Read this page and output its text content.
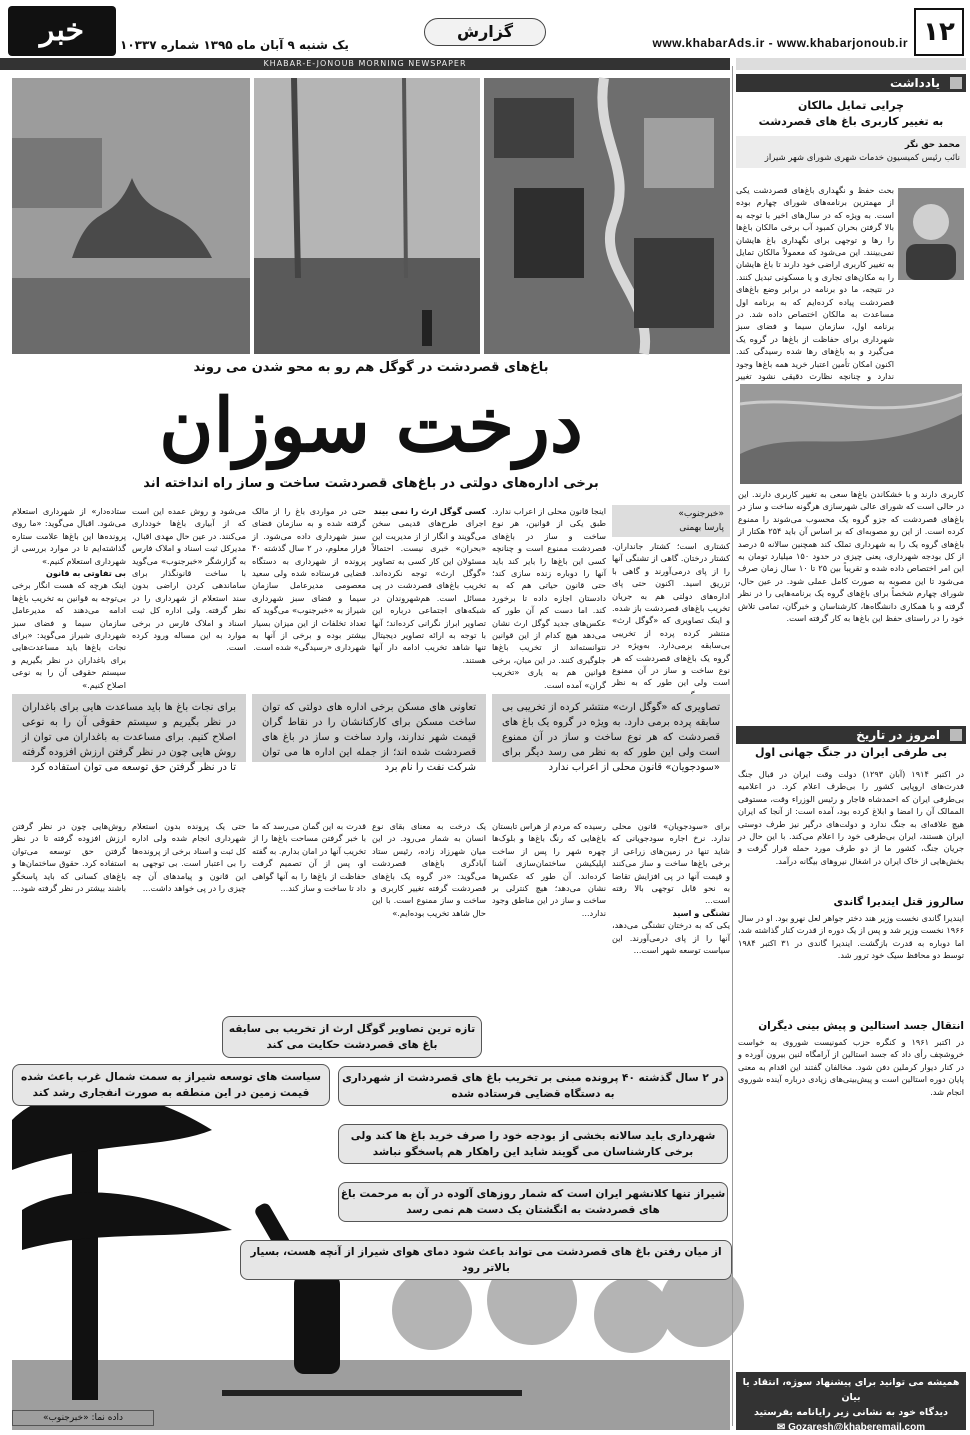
۱۲
www.khabarAds.ir - www.khabarjonoub.ir
گزارش
یک شنبه ۹ آبان ماه ۱۳۹۵ شماره ۱۰۳۳۷
خبر
KHABAR-E-JONOUB MORNING NEWSPAPER
باغ‌های قصردشت در گوگل هم رو به محو شدن می روند
درخت سوزان
برخی اداره‌های دولتی در باغ‌های قصردشت ساخت و ساز راه انداخته اند
«خبرجنوب»
پارسا بهمنی
کشتاری است؛ کشتار جانداران. کشتار درختان. گاهی از تشنگی آنها را از پای درمی‌آورند و گاهی با تزریق اسید. اکنون حتی پای اداره‌های دولتی هم به جریان تخریب باغ‌های قصردشت باز شده. و اینک تصاویری که «گوگل ارث» منتشر کرده پرده از تخریبی بی‌سابقه برمی‌دارد. به‌ویژه در گروه یک باغ‌های قصردشت که هر نوع ساخت و ساز در آن ممنوع است ولی این طور که به نظر
اینجا قانون محلی از اعراب ندارد. طبق یکی از قوانین، هر نوع ساخت و ساز در باغ‌های قصردشت ممنوع است و چنانچه کسی این باغ‌ها را بایر کند باید آنها را دوباره زنده سازی کند؛ حتی قانون حیاتی هم که به دادستان اجازه داده تا برخورد کند. اما دست کم آن طور که عکس‌های جدید گوگل ارث نشان می‌دهد هیچ کدام از این قوانین نتوانسته‌اند از تخریب باغ‌ها جلوگیری کنند. در این میان، برخی قوانین هم به یاری «تخریب گران» آمده است.
کسی گوگل ارث را نمی بیند
اجرای طرح‌های قدیمی سخن می‌گویند و انگار از از مدیریت این «بحران» خبری نیست. احتمالاً مسئولان این کار کسی به تصاویر «گوگل ارث» توجه نکرده‌اند. تخریب باغ‌های قصردشت در پی مسائل است. هم‌شهروندان در شبکه‌های اجتماعی درباره این تصاویر ابراز نگرانی کرده‌اند؛ آنها با توجه به ارائه تصاویر دیجیتال تنها شاهد تخریب ادامه دار آنها هستند.
حتی در مواردی باغ را از مالک گرفته شده و به سازمان فضای سبز شهرداری داده می‌شود. از قرار معلوم، در ۲ سال گذشته ۴۰ پرونده از شهرداری به دستگاه قضایی فرستاده شده ولی سعید معصومی مدیرعامل سازمان سیما و فضای سبز شهرداری شیراز به «خبرجنوب» می‌گوید که تعداد تخلفات از این میزان بسیار بیشتر بوده و برخی از آنها به شهرداری «رسیدگی» شده است.
می‌شود و روش عمده این است که از آبیاری باغ‌ها خودداری می‌کنند. در عین حال مهدی اقبال، مدیرکل ثبت اسناد و املاک فارس به گزارشگر «خبرجنوب» می‌گوید با ساخت قانونگذار برای ساماندهی کردن اراضی بدون سند استعلام از شهرداری را در نظر گرفته. ولی اداره کل ثبت اسناد و املاک فارس در برخی موارد به این مساله ورود کرده است.
ستاده‌دار» از شهرداری استعلام می‌شود. اقبال می‌گوید: «ما روی پرونده‌ها این باغ‌ها علامت ستاره گذاشته‌ایم تا در موارد بررسی از شهرداری استعلام کنیم.»
بی تفاوتی به قانون
اینک هرچه که هست انگار برخی بی‌توجه به قوانین به تخریب باغ‌ها ادامه می‌دهند که مدیرعامل سازمان سیما و فضای سبز شهرداری شیراز می‌گوید: «برای نجات باغ‌ها باید مساعدت‌هایی برای باغداران در نظر بگیریم و سیستم حقوقی آن را به نوعی اصلاح کنیم.»
تصاویری که «گوگل ارث» منتشر کرده از تخریبی بی سابقه پرده برمی دارد. به ویژه در گروه یک باغ های قصردشت که هر نوع ساخت و ساز در آن ممنوع است ولی این طور که به نظر می رسد دیگر برای «سودجویان» قانون محلی از اعراب ندارد
تعاونی های مسکن برخی اداره های دولتی که توان ساخت مسکن برای کارکنانشان را در نقاط گران قیمت شهر ندارند، وارد ساخت و ساز در باغ های قصردشت شده اند؛ از جمله این اداره ها می توان شرکت نفت را نام برد
برای نجات باغ ها باید مساعدت هایی برای باغداران در نظر بگیریم و سیستم حقوقی آن را به نوعی اصلاح کنیم. برای مساعدت به باغداران می توان از روش هایی چون در نظر گرفتن ارزش افزوده گرفته تا در نظر گرفتن حق توسعه می توان استفاده کرد
برای «سودجویان» قانون محلی ندارد. نرخ اجاره سودجویانی که شاید تنها در زمین‌های زراعی از برخی باغ‌ها ساخت و ساز می‌کنند و قیمت آنها در پی افزایش تقاضا به نحو قابل توجهی بالا رفته است...
تشنگی و اسید
یکی که به درختان تشنگی می‌دهد، آنها را از پای درمی‌آورند. این سیاست توسعه شهر است...
رسیده که مردم از هراس تابستان باغ‌هایی که رنگ باغ‌ها و بلوک‌ها چهره شهر را پس از ساخت اپلیکیشن ساختمان‌سازی آشنا کرده‌اند. آن طور که عکس‌ها نشان می‌دهد؛ هیچ کنترلی بر ساخت و ساز در این مناطق وجود ندارد...
یک درخت به معنای بقای نوع انسان به شمار می‌رود. در این میان شهرزاد زاده، رئیس ستاد آبادگری باغ‌های قصردشت می‌گوید: «در گروه یک باغ‌های قصردشت گرفته تغییر کاربری و ساخت و ساز ممنوع است. با این حال شاهد تخریب بوده‌ایم.»
قدرت به این گمان می‌رسد که ما با خبر گرفتن مساحت باغ‌ها را از تخریب آنها در امان بدارم. به گفته او، پس از آن تصمیم گرفت حفاظت از باغ‌ها را به آنها گواهی داد تا ساخت و ساز کند...
حتی یک پرونده بدون استعلام شهرداری انجام شده ولی اداره کل ثبت و اسناد برخی از پرونده‌ها را بی اعتبار است. بی توجهی به این قانون و پیامدهای آن چه چیزی را در پی خواهد داشت...
روش‌هایی چون در نظر گرفتن ارزش افزوده گرفته تا در نظر گرفتن حق توسعه می‌توان استفاده کرد. حقوق ساختمان‌ها و باغ‌های کسانی که باید پاسخگو باشند بیشتر در نظر گرفته شود...
تازه ترین تصاویر گوگل ارث از تخریب بی سابقه باغ های قصردشت حکایت می کند
سیاست های توسعه شیراز به سمت شمال غرب باعث شده قیمت زمین در این منطقه به صورت انفجاری رشد کند
در ۲ سال گذشته ۴۰ پرونده مبنی بر تخریب باغ های قصردشت از شهرداری به دستگاه قضایی فرستاده شده
شهرداری باید سالانه بخشی از بودجه خود را صرف خرید باغ ها کند ولی برخی کارشناسان می گویند شاید این راهکار هم پاسخگو نباشد
شیراز تنها کلانشهر ایران است که شمار روزهای آلوده در آن به مرحمت باغ های قصردشت به انگشتان یک دست هم نمی رسد
از میان رفتن باغ های قصردشت می تواند باعث شود دمای هوای شیراز از آنچه هست، بسیار بالاتر رود
داده نما: «خبرجنوب»
یادداشت
چرایی تمایل مالکان
به تغییر کاربری باغ های قصردشت
محمد حق نگر
نائب رئیس کمیسیون خدمات شهری شورای شهر شیراز
بحث حفظ و نگهداری باغ‌های قصردشت یکی از مهمترین برنامه‌های شورای چهارم بوده است. به ویژه که در سال‌های اخیر با توجه به بالا گرفتن بحران کمبود آب برخی مالکان باغ‌ها را رها و توجهی برای نگهداری باغ هایشان نمی‌بینند. این می‌شود که معمولاً مالکان تمایل به تغییر کاربری اراضی خود دارند تا باغ هایشان را به مکان‌های تجاری و یا مسکونی تبدیل کنند. در نتیجه، ما دو برنامه در برابر وضع باغ‌های قصردشت پیاده کرده‌ایم که به برنامه اول مساعدت به مالکان اختصاص داده شد. در برنامه اول، سازمان سیما و فضای سبز شهرداری برای حفاظت از باغ‌ها در گروه یک می‌گیرد و به باغ‌های رها شده رسیدگی کند. اکنون امکان تأمین اعتبار خرید همه باغ‌ها وجود ندارد و چنانچه نظارت دقیقی نشود تغییر
کاربری دارند و با خشکاندن باغ‌ها سعی به تغییر کاربری دارند. این در حالی است که شورای عالی شهرسازی هرگونه ساخت و ساز در باغ‌های قصردشت که جزو گروه یک محسوب می‌شوند را ممنوع کرده است. از این رو مصوبه‌ای که بر اساس آن باید ۲۵۴ هکتار از باغ‌های گروه یک را به شهرداری تملک کند همچنین سالانه ۵ درصد از کل بودجه شهرداری، یعنی چیزی در حدود ۱۵۰ میلیارد تومان به این امر اختصاص داده شده و تقریباً بین ۲۵ تا ۱۰ سال زمان صرف می‌شود تا این مصوبه به صورت کامل عملی شود. در عین حال، شورای چهارم شخصاً برای باغ‌های گروه یک برنامه‌هایی را در نظر گرفته و با همکاری دانشگاه‌ها، کارشناسان و خبرگان، تمامی تلاش خود را در راستای حفظ این باغ‌ها به کار گرفته است.
امروز در تاریخ
بی طرفی ایران در جنگ جهانی اول
در اکتبر ۱۹۱۴ (آبان ۱۲۹۳) دولت وقت ایران در قبال جنگ قدرت‌های اروپایی کشور را بی‌طرف اعلام کرد. در اعلامیه بی‌طرفی ایران که احمدشاه قاجار و رئیس الوزراء وقت، مستوفی الممالک آن را امضا و ابلاغ کرده بود، آمده است: از آنجا که ایران هیچ علاقه‌ای به جنگ ندارد و دولت‌های درگیر نیز طرف دوستی ایران هستند، ایران بی‌طرفی خود را اعلام می‌کند. با این حال در جریان جنگ، کشور ما از دو طرف مورد حمله قرار گرفت و بخش‌هایی از خاک ایران در اشغال نیروهای بیگانه درآمد.
سالروز قتل ایندیرا گاندی
ایندیرا گاندی نخست وزیر هند دختر جواهر لعل نهرو بود. او در سال ۱۹۶۶ نخست وزیر شد و پس از یک دوره از قدرت کنار گذاشته شد، اما دوباره به قدرت بازگشت. ایندیرا گاندی در ۳۱ اکتبر ۱۹۸۴ توسط دو محافظ سیک خود ترور شد.
انتقال جسد استالین و پیش بینی دیگران
در اکتبر ۱۹۶۱ و کنگره حزب کمونیست شوروی به خواست خروشچف رأی داد که جسد استالین از آرامگاه لنین بیرون آورده و در کنار دیوار کرملین دفن شود. مخالفان گفتند این اقدام به معنی پایان دوره استالین است و پیش‌بینی‌های زیادی درباره آینده شوروی انجام شد.
همیشه می توانید برای پیشنهاد سوژه، انتقاد یا بیان
دیدگاه خود به نشانی زیر رایانامه بفرستید
✉ Gozaresh@khaberemail.com
